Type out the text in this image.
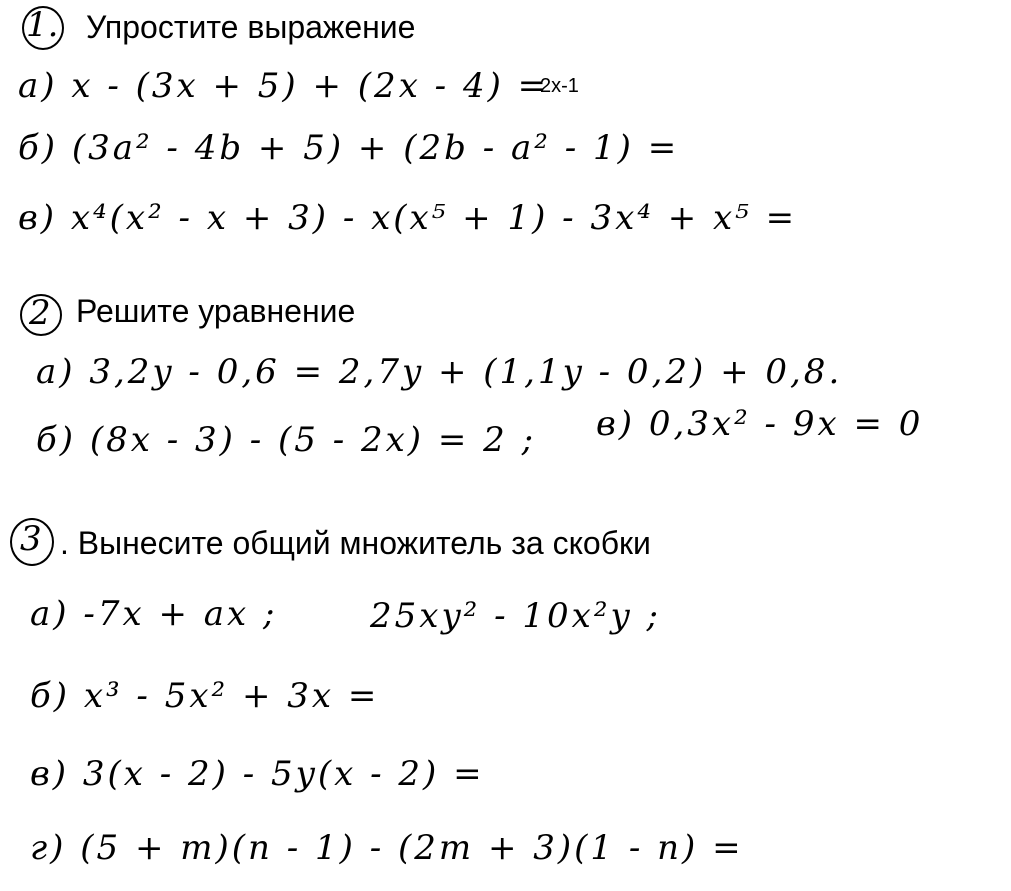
1. Упростите выражение
a) x - (3x + 5) + (2x - 4) =
2x-1
б) (3a² - 4b + 5) + (2b - a² - 1) =
в) x⁴(x² - x + 3) - x(x⁵ + 1) - 3x⁴ + x⁵ =
2 Решите уравнение
a) 3,2y - 0,6 = 2,7y + (1,1y - 0,2) + 0,8.
б) (8x - 3) - (5 - 2x) = 2 ; в) 0,3x² - 9x = 0
3 . Вынесите общий множитель за скобки
a) -7x + ax ;	25xy² - 10x²y ;
б) x³ - 5x² + 3x =
в) 3(x - 2) - 5y(x - 2) =
г) (5 + m)(n - 1) - (2m + 3)(1 - n) =
